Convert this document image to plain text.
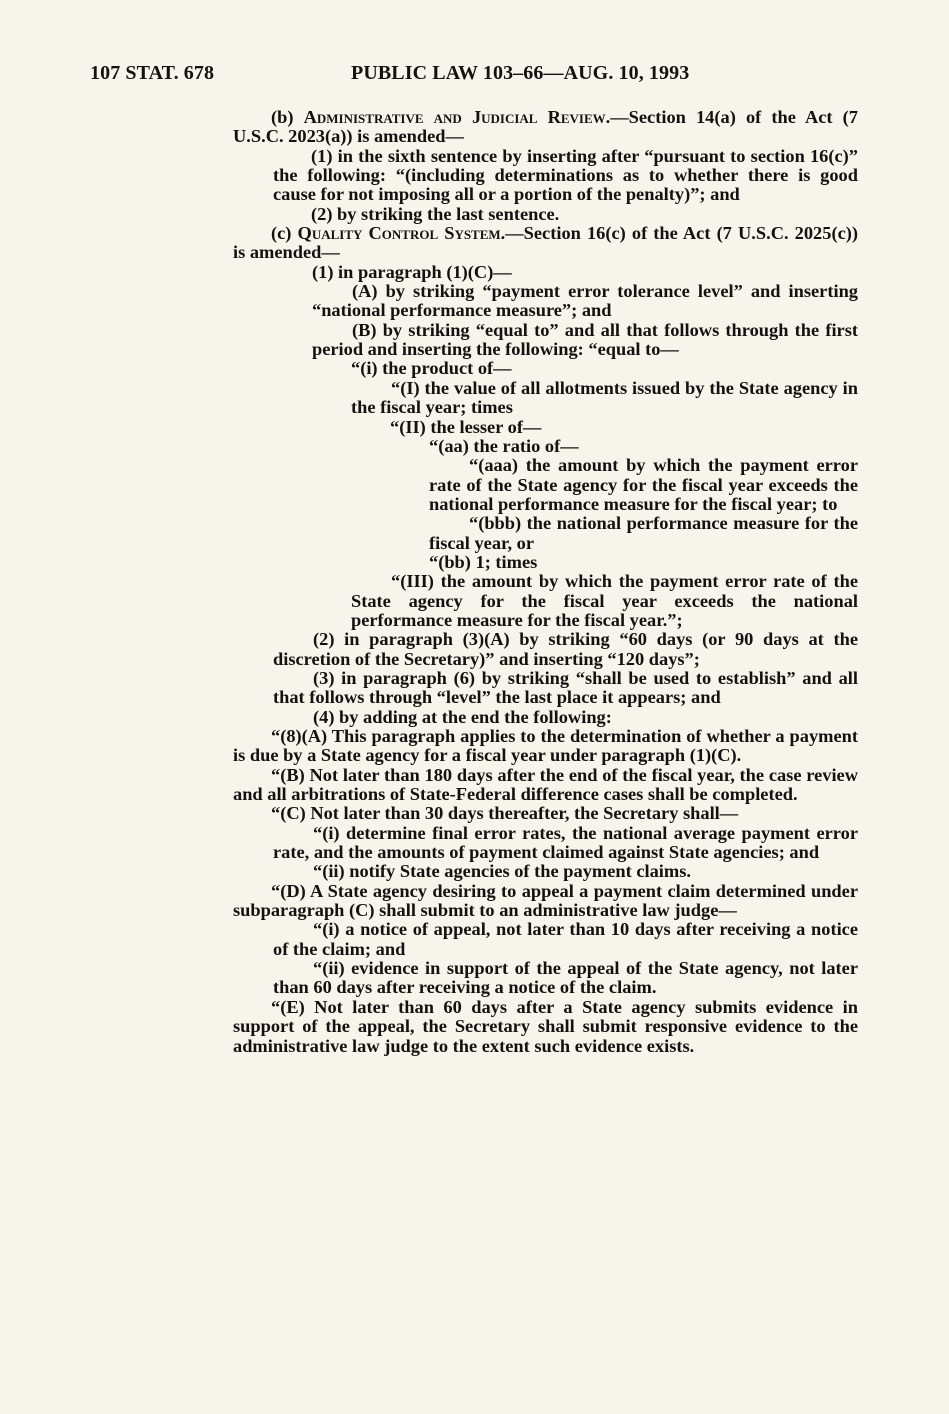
107 STAT. 678	PUBLIC LAW 103–66—AUG. 10, 1993

(b) Administrative and Judicial Review.—Section 14(a) of the Act (7 U.S.C. 2023(a)) is amended—

(1) in the sixth sentence by inserting after “pursuant to section 16(c)” the following: “(including determinations as to whether there is good cause for not imposing all or a portion of the penalty)”; and

(2) by striking the last sentence.

(c) Quality Control System.—Section 16(c) of the Act (7 U.S.C. 2025(c)) is amended—

(1) in paragraph (1)(C)—

(A) by striking “payment error tolerance level” and inserting “national performance measure”; and

(B) by striking “equal to” and all that follows through the first period and inserting the following: “equal to—

“(i) the product of—

“(I) the value of all allotments issued by the State agency in the fiscal year; times

“(II) the lesser of—

“(aa) the ratio of—

“(aaa) the amount by which the payment error rate of the State agency for the fiscal year exceeds the national performance measure for the fiscal year; to

“(bbb) the national performance measure for the fiscal year, or

“(bb) 1; times

“(III) the amount by which the payment error rate of the State agency for the fiscal year exceeds the national performance measure for the fiscal year.”;

(2) in paragraph (3)(A) by striking “60 days (or 90 days at the discretion of the Secretary)” and inserting “120 days”;

(3) in paragraph (6) by striking “shall be used to establish” and all that follows through “level” the last place it appears; and

(4) by adding at the end the following:

“(8)(A) This paragraph applies to the determination of whether a payment is due by a State agency for a fiscal year under paragraph (1)(C).

“(B) Not later than 180 days after the end of the fiscal year, the case review and all arbitrations of State-Federal difference cases shall be completed.

“(C) Not later than 30 days thereafter, the Secretary shall—

“(i) determine final error rates, the national average payment error rate, and the amounts of payment claimed against State agencies; and

“(ii) notify State agencies of the payment claims.

“(D) A State agency desiring to appeal a payment claim determined under subparagraph (C) shall submit to an administrative law judge—

“(i) a notice of appeal, not later than 10 days after receiving a notice of the claim; and

“(ii) evidence in support of the appeal of the State agency, not later than 60 days after receiving a notice of the claim.

“(E) Not later than 60 days after a State agency submits evidence in support of the appeal, the Secretary shall submit responsive evidence to the administrative law judge to the extent such evidence exists.
